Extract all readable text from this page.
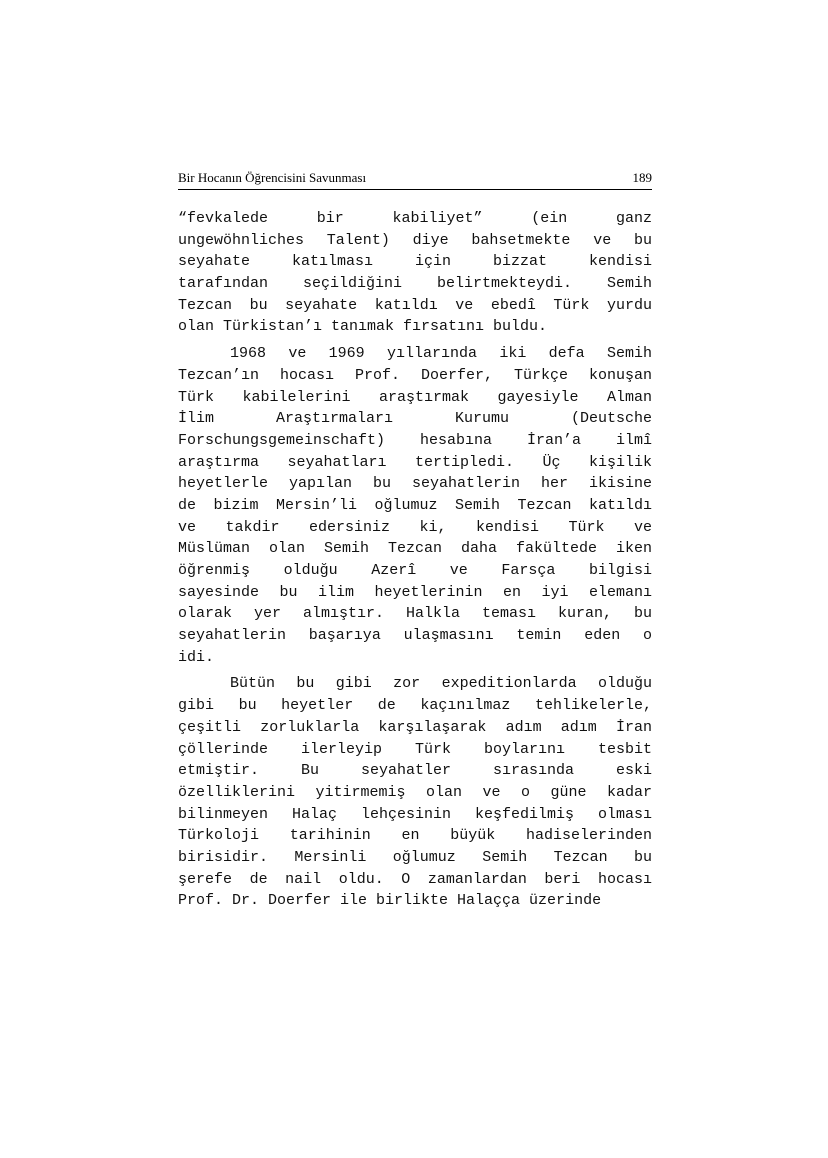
Bir Hocanın Öğrencisini Savunması	189
“fevkalede bir kabiliyet” (ein ganz
ungewöhnliches Talent) diye bahsetmekte ve bu
seyahate katılması için bizzat kendisi
tarafından seçildiğini belirtmekteydi. Semih
Tezcan bu seyahate katıldı ve ebedî Türk yurdu
olan Türkistan’ı tanımak fırsatını buldu.
1968 ve 1969 yıllarında iki defa Semih
Tezcan’ın hocası Prof. Doerfer, Türkçe konuşan
Türk kabilelerini araştırmak gayesiyle Alman
İlim Araştırmaları Kurumu (Deutsche
Forschungsgemeinschaft) hesabına İran’a ilmî
araştırma seyahatları tertipledi. Üç kişilik
heyetlerle yapılan bu seyahatlerin her ikisine
de bizim Mersin’li oğlumuz Semih Tezcan katıldı
ve takdir edersiniz ki, kendisi Türk ve
Müslüman olan Semih Tezcan daha fakültede iken
öğrenmiş olduğu Azerî ve Farsça bilgisi
sayesinde bu ilim heyetlerinin en iyi elemanı
olarak yer almıştır. Halkla teması kuran, bu
seyahatlerin başarıya ulaşmasını temin eden o
idi.
Bütün bu gibi zor expeditionlarda olduğu
gibi bu heyetler de kaçınılmaz tehlikelerle,
çeşitli zorluklarla karşılaşarak adım adım İran
çöllerinde ilerleyip Türk boylarını tesbit
etmiştir. Bu seyahatler sırasında eski
özelliklerini yitirmemiş olan ve o güne kadar
bilinmeyen Halaç lehçesinin keşfedilmiş olması
Türkoloji tarihinin en büyük hadiselerinden
birisidir. Mersinli oğlumuz Semih Tezcan bu
şerefe de nail oldu. O zamanlardan beri hocası
Prof. Dr. Doerfer ile birlikte Halaçça üzerinde
